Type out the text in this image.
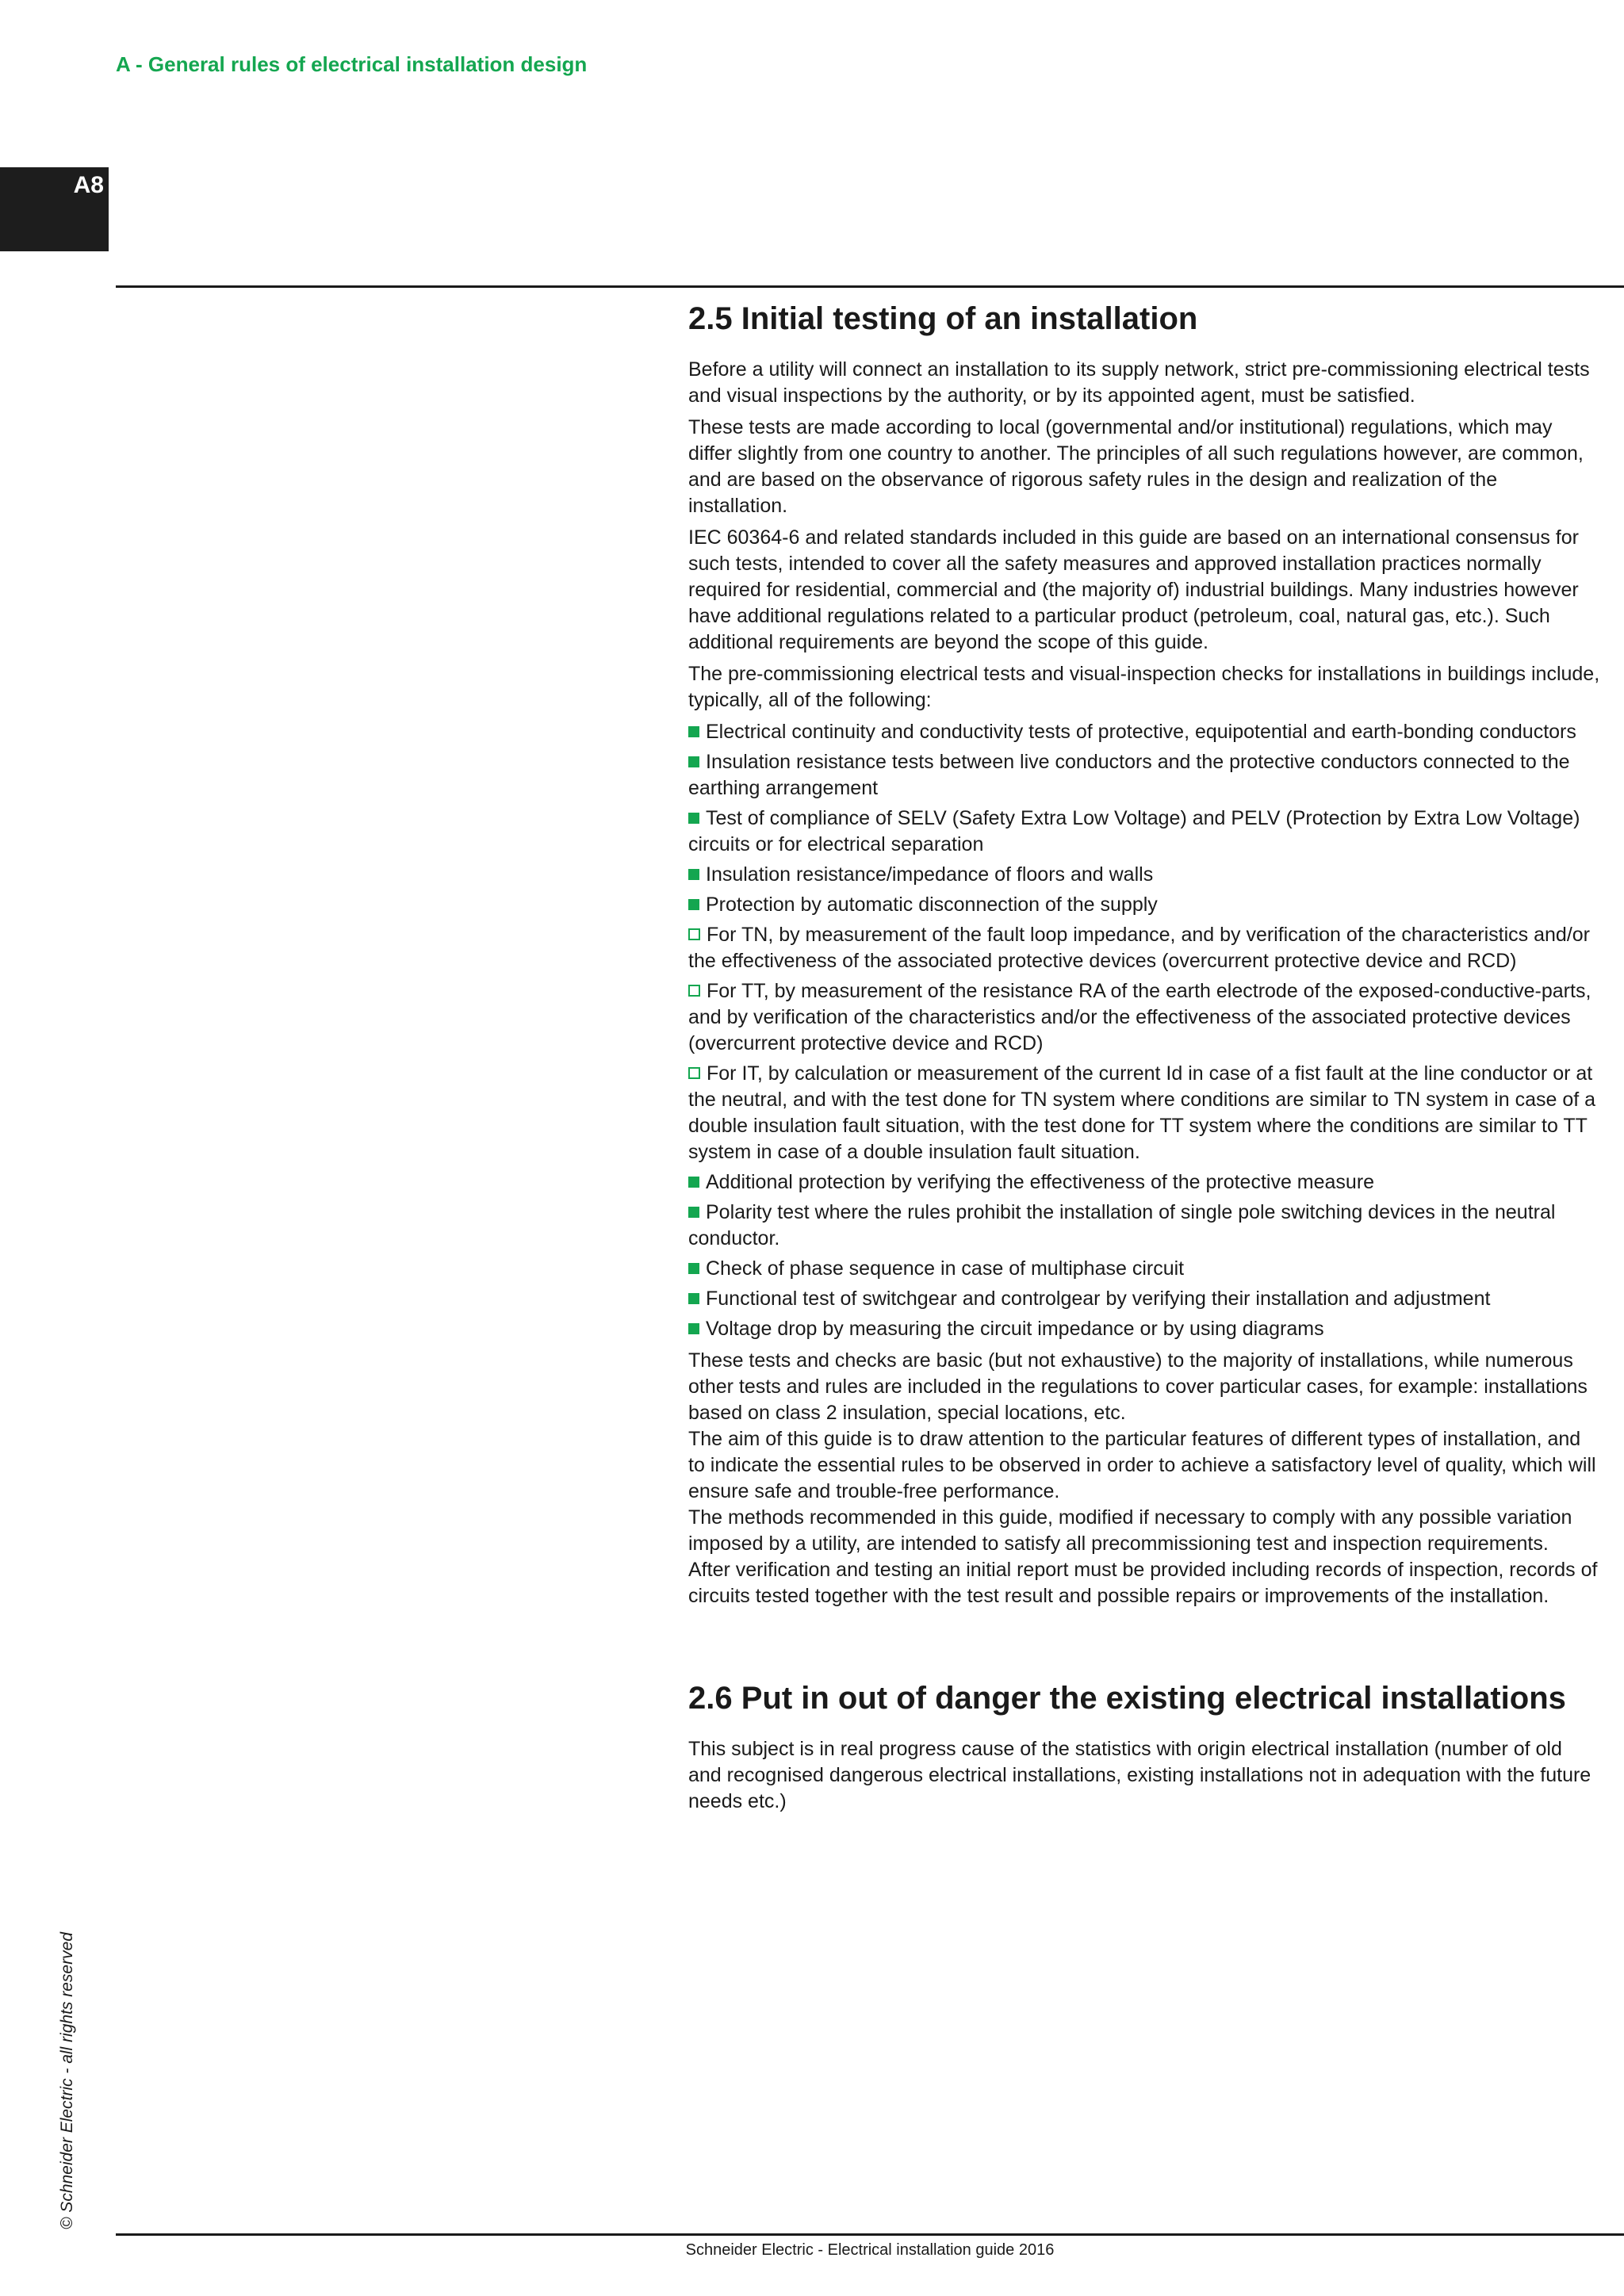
A - General rules of electrical installation design
A8
2.5 Initial testing of an installation

Before a utility will connect an installation to its supply network, strict pre-commissioning electrical tests and visual inspections by the authority, or by its appointed agent, must be satisfied.

These tests are made according to local (governmental and/or institutional) regulations, which may differ slightly from one country to another. The principles of all such regulations however, are common, and are based on the observance of rigorous safety rules in the design and realization of the installation.

IEC 60364-6 and related standards included in this guide are based on an international consensus for such tests, intended to cover all the safety measures and approved installation practices normally required for residential, commercial and (the majority of) industrial buildings. Many industries however have additional regulations related to a particular product (petroleum, coal, natural gas, etc.). Such additional requirements are beyond the scope of this guide.

The pre-commissioning electrical tests and visual-inspection checks for installations in buildings include, typically, all of the following:

Electrical continuity and conductivity tests of protective, equipotential and earth-bonding conductors
Insulation resistance tests between live conductors and the protective conductors connected to the earthing arrangement
Test of compliance of SELV (Safety Extra Low Voltage) and PELV (Protection by Extra Low Voltage) circuits or for electrical separation
Insulation resistance/impedance of floors and walls
Protection by automatic disconnection of the supply
For TN, by measurement of the fault loop impedance, and by verification of the characteristics and/or the effectiveness of the associated protective devices (overcurrent protective device and RCD)
For TT, by measurement of the resistance RA of the earth electrode of the exposed-conductive-parts, and by verification of the characteristics and/or the effectiveness of the associated protective devices (overcurrent protective device and RCD)
For IT, by calculation or measurement of the current Id in case of a fist fault at the line conductor or at the neutral, and with the test done for TN system where conditions are similar to TN system in case of a double insulation fault situation, with the test done for TT system where the conditions are similar to TT system in case of a double insulation fault situation.
Additional protection by verifying the effectiveness of the protective measure
Polarity test where the rules prohibit the installation of single pole switching devices in the neutral conductor.
Check of phase sequence in case of multiphase circuit
Functional test of switchgear and controlgear by verifying their installation and adjustment
Voltage drop by measuring the circuit impedance or by using diagrams

These tests and checks are basic (but not exhaustive) to the majority of installations, while numerous other tests and rules are included in the regulations to cover particular cases, for example: installations based on class 2 insulation, special locations, etc.

The aim of this guide is to draw attention to the particular features of different types of installation, and to indicate the essential rules to be observed in order to achieve a satisfactory level of quality, which will ensure safe and trouble-free performance.

The methods recommended in this guide, modified if necessary to comply with any possible variation imposed by a utility, are intended to satisfy all precommissioning test and inspection requirements.

After verification and testing an initial report must be provided including records of inspection, records of circuits tested together with the test result and possible repairs or improvements of the installation.

2.6 Put in out of danger the existing electrical installations

This subject is in real progress cause of the statistics with origin electrical installation (number of old and recognised dangerous electrical installations, existing installations not in adequation with the future needs etc.)

© Schneider Electric - all rights reserved
Schneider Electric - Electrical installation guide 2016
